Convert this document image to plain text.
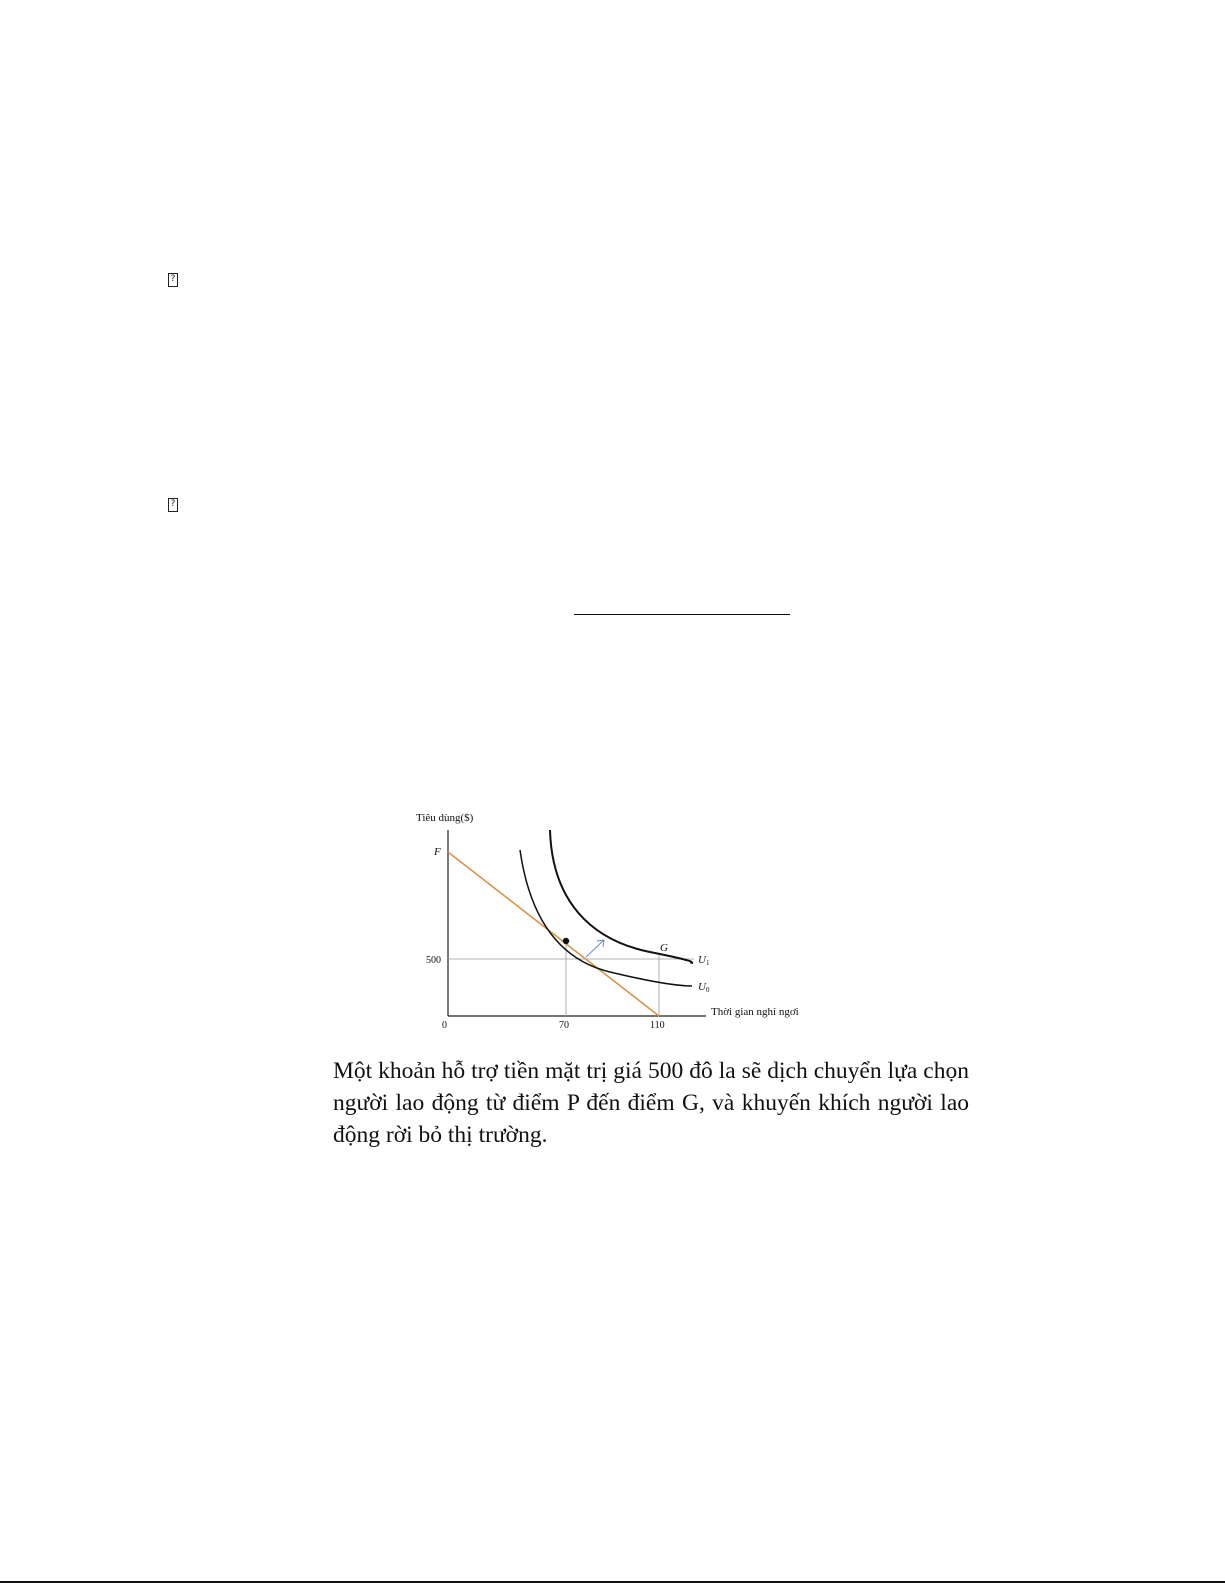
?
?
Tiêu dùng($)
F
500
G
U1
U0
Thời gian nghỉ ngơi
0	70	110
Một khoản hỗ trợ tiền mặt trị giá 500 đô la sẽ dịch chuyển lựa chọn người lao động từ điểm P đến điểm G, và khuyến khích người lao động rời bỏ thị trường.
